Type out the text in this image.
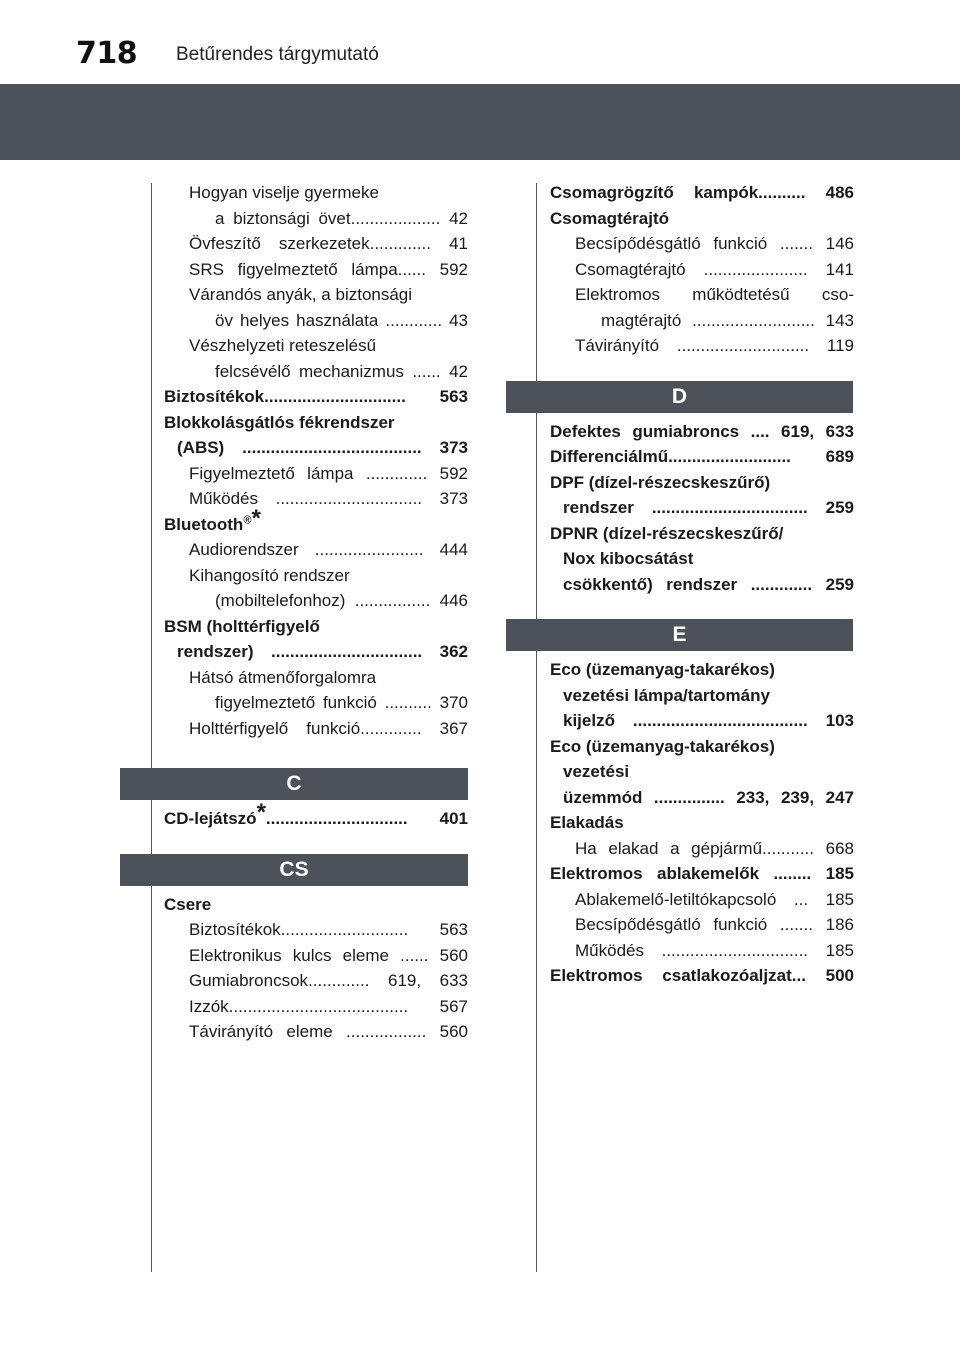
718 Betűrendes tárgymutató
Hogyan viselje gyermeke
a biztonsági övet................... 42
Övfeszítő szerkezetek............. 41
SRS figyelmeztető lámpa...... 592
Várandós anyák, a biztonsági
öv helyes használata ............ 43
Vészhelyzeti reteszelésű
felcsévélő mechanizmus ...... 42
Biztosítékok.............................. 563
Blokkolásgátlós fékrendszer
(ABS) ...................................... 373
Figyelmeztető lámpa ............. 592
Működés ............................... 373
Bluetooth®*
Audiorendszer ....................... 444
Kihangosító rendszer
(mobiltelefonhoz) ................ 446
BSM (holttérfigyelő
rendszer) ................................ 362
Hátsó átmenőforgalomra
figyelmeztető funkció .......... 370
Holttérfigyelő funkció............. 367
C
CD-lejátszó*.............................. 401
CS
Csere
Biztosítékok........................... 563
Elektronikus kulcs eleme ...... 560
Gumiabroncsok............. 619, 633
Izzók...................................... 567
Távirányító eleme ................. 560
Csomagrögzítő kampók.......... 486
Csomagtérajtó
Becsípődésgátló funkció ....... 146
Csomagtérajtó ...................... 141
Elektromos működtetésű cso-
magtérajtó .......................... 143
Távirányító ............................ 119
D
Defektes gumiabroncs .... 619, 633
Differenciálmű.......................... 689
DPF (dízel-részecskeszűrő)
rendszer ................................. 259
DPNR (dízel-részecskeszűrő/
Nox kibocsátást
csökkentő) rendszer ............. 259
E
Eco (üzemanyag-takarékos)
vezetési lámpa/tartomány
kijelző ..................................... 103
Eco (üzemanyag-takarékos)
vezetési
üzemmód ............... 233, 239, 247
Elakadás
Ha elakad a gépjármű........... 668
Elektromos ablakemelők ........ 185
Ablakemelő-letiltókapcsoló ... 185
Becsípődésgátló funkció ....... 186
Működés ............................... 185
Elektromos csatlakozóaljzat... 500
